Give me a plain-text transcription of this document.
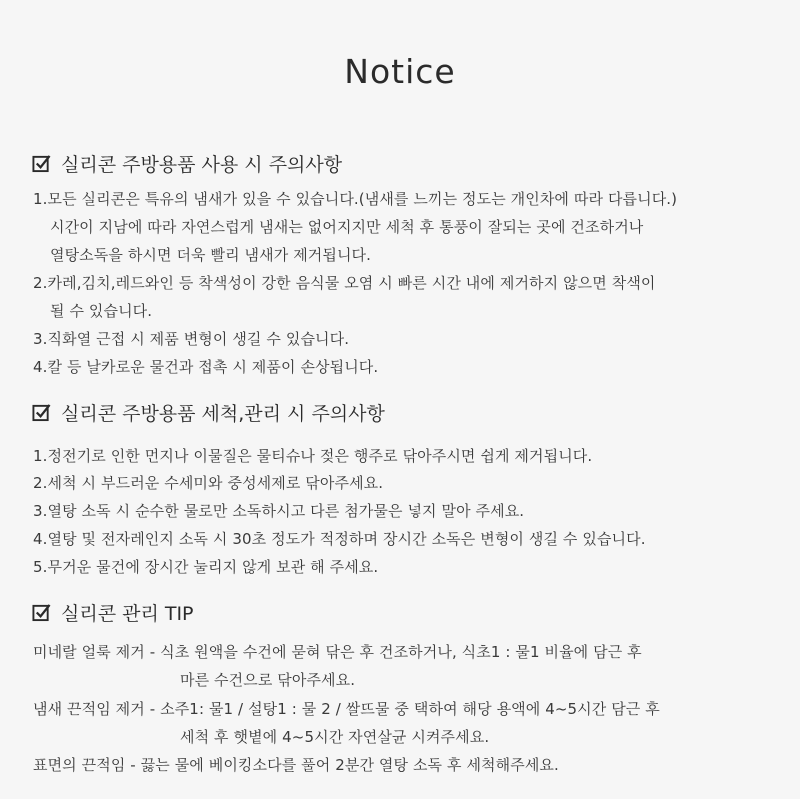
Notice
실리콘 주방용품 사용 시 주의사항
1.모든 실리콘은 특유의 냄새가 있을 수 있습니다.(냄새를 느끼는 정도는 개인차에 따라 다릅니다.)
시간이 지남에 따라 자연스럽게 냄새는 없어지지만 세척 후 통풍이 잘되는 곳에 건조하거나
열탕소독을 하시면 더욱 빨리 냄새가 제거됩니다.
2.카레,김치,레드와인 등 착색성이 강한 음식물 오염 시 빠른 시간 내에 제거하지 않으면 착색이
될 수 있습니다.
3.직화열 근접 시 제품 변형이 생길 수 있습니다.
4.칼 등 날카로운 물건과 접촉 시 제품이 손상됩니다.
실리콘 주방용품 세척,관리 시 주의사항
1.정전기로 인한 먼지나 이물질은 물티슈나 젖은 행주로 닦아주시면 쉽게 제거됩니다.
2.세척 시 부드러운 수세미와 중성세제로 닦아주세요.
3.열탕 소독 시 순수한 물로만 소독하시고 다른 첨가물은 넣지 말아 주세요.
4.열탕 및 전자레인지 소독 시 30초 정도가 적정하며 장시간 소독은 변형이 생길 수 있습니다.
5.무거운 물건에 장시간 눌리지 않게 보관 해 주세요.
실리콘 관리 TIP
미네랄 얼룩 제거 - 식초 원액을 수건에 묻혀 닦은 후 건조하거나, 식초1 : 물1 비율에 담근 후
마른 수건으로 닦아주세요.
냄새 끈적임 제거 - 소주1: 물1 / 설탕1 : 물 2 / 쌀뜨물 중 택하여 해당 용액에 4~5시간 담근 후
세척 후 햇볕에 4~5시간 자연살균 시켜주세요.
표면의 끈적임 - 끓는 물에 베이킹소다를 풀어 2분간 열탕 소독 후 세척해주세요.
